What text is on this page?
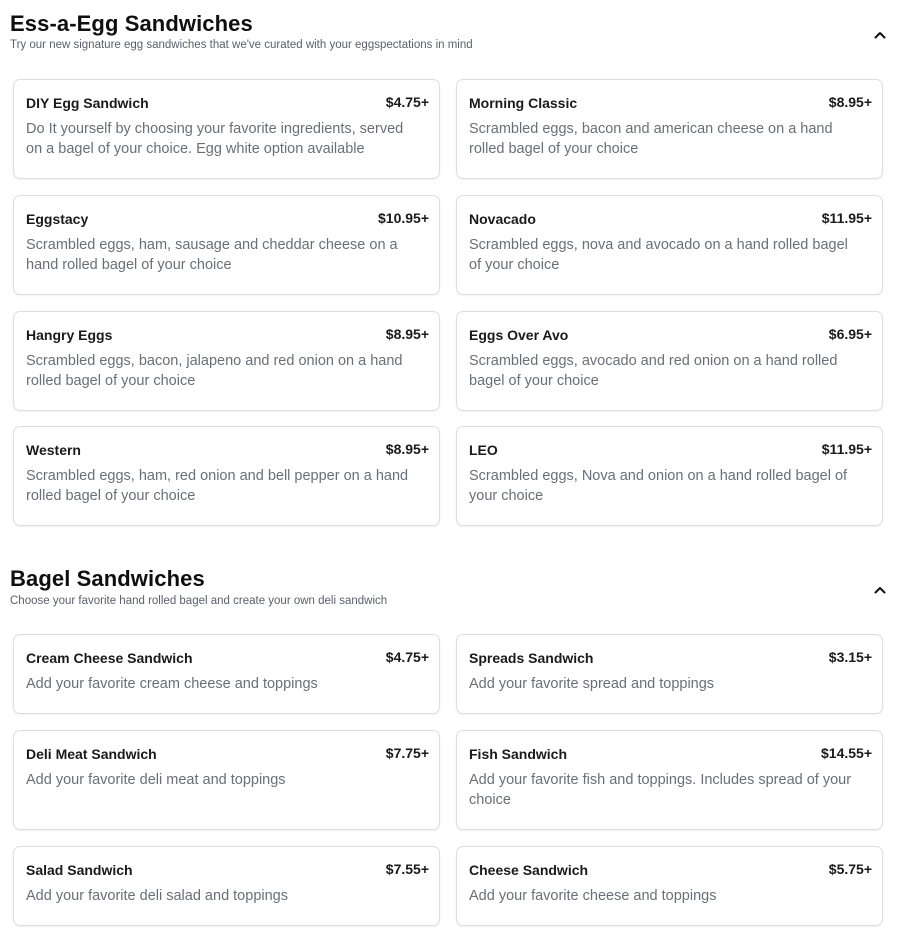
Ess-a-Egg Sandwiches
Try our new signature egg sandwiches that we've curated with your eggspectations in mind
DIY Egg Sandwich	$4.75+
Do It yourself by choosing your favorite ingredients, served on a bagel of your choice. Egg white option available
Morning Classic	$8.95+
Scrambled eggs, bacon and american cheese on a hand rolled bagel of your choice
Eggstacy	$10.95+
Scrambled eggs, ham, sausage and cheddar cheese on a hand rolled bagel of your choice
Novacado	$11.95+
Scrambled eggs, nova and avocado on a hand rolled bagel of your choice
Hangry Eggs	$8.95+
Scrambled eggs, bacon, jalapeno and red onion on a hand rolled bagel of your choice
Eggs Over Avo	$6.95+
Scrambled eggs, avocado and red onion on a hand rolled bagel of your choice
Western	$8.95+
Scrambled eggs, ham, red onion and bell pepper on a hand rolled bagel of your choice
LEO	$11.95+
Scrambled eggs, Nova and onion on a hand rolled bagel of your choice
Bagel Sandwiches
Choose your favorite hand rolled bagel and create your own deli sandwich
Cream Cheese Sandwich	$4.75+
Add your favorite cream cheese and toppings
Spreads Sandwich	$3.15+
Add your favorite spread and toppings
Deli Meat Sandwich	$7.75+
Add your favorite deli meat and toppings
Fish Sandwich	$14.55+
Add your favorite fish and toppings. Includes spread of your choice
Salad Sandwich	$7.55+
Add your favorite deli salad and toppings
Cheese Sandwich	$5.75+
Add your favorite cheese and toppings
